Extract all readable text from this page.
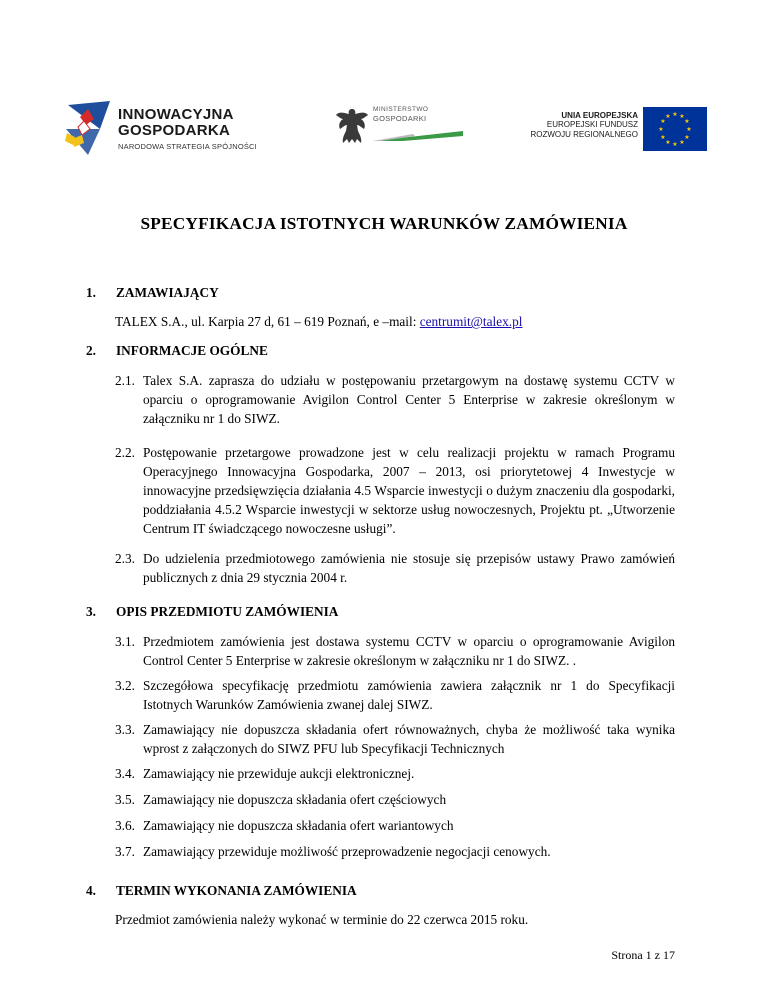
INNOWACYJNA
GOSPODARKA
NARODOWA STRATEGIA SPÓJNOŚCI
MINISTERSTWO
GOSPODARKI	UNIA EUROPEJSKA
EUROPEJSKI FUNDUSZ
ROZWOJU REGIONALNEGO
★ ★
★
★
★
★
★
★
★
★
★
★
SPECYFIKACJA ISTOTNYCH WARUNKÓW ZAMÓWIENIA
1. ZAMAWIAJĄCY
TALEX S.A., ul. Karpia 27 d, 61 – 619 Poznań, e –mail: centrumit@talex.pl
2. INFORMACJE OGÓLNE
2.1. Talex S.A. zaprasza do udziału w postępowaniu przetargowym na dostawę systemu CCTV w oparciu o oprogramowanie Avigilon Control Center 5 Enterprise w zakresie określonym w załączniku nr 1 do SIWZ.
2.2. Postępowanie przetargowe prowadzone jest w celu realizacji projektu w ramach Programu Operacyjnego Innowacyjna Gospodarka, 2007 – 2013, osi priorytetowej 4 Inwestycje w innowacyjne przedsięwzięcia działania 4.5 Wsparcie inwestycji o dużym znaczeniu dla gospodarki, poddziałania 4.5.2 Wsparcie inwestycji w sektorze usług nowoczesnych, Projektu pt. „Utworzenie Centrum IT świadczącego nowoczesne usługi”.
2.3. Do udzielenia przedmiotowego zamówienia nie stosuje się przepisów ustawy Prawo zamówień publicznych z dnia 29 stycznia 2004 r.
3. OPIS PRZEDMIOTU ZAMÓWIENIA
3.1. Przedmiotem zamówienia jest dostawa systemu CCTV w oparciu o oprogramowanie Avigilon Control Center 5 Enterprise w zakresie określonym w załączniku nr 1 do SIWZ. .
3.2. Szczegółowa specyfikację przedmiotu zamówienia zawiera załącznik nr 1 do Specyfikacji Istotnych Warunków Zamówienia zwanej dalej SIWZ.
3.3. Zamawiający nie dopuszcza składania ofert równoważnych, chyba że możliwość taka wynika wprost z załączonych do SIWZ PFU lub Specyfikacji Technicznych
3.4. Zamawiający nie przewiduje aukcji elektronicznej.
3.5. Zamawiający nie dopuszcza składania ofert częściowych
3.6. Zamawiający nie dopuszcza składania ofert wariantowych
3.7. Zamawiający przewiduje możliwość przeprowadzenie negocjacji cenowych.
4. TERMIN WYKONANIA ZAMÓWIENIA
Przedmiot zamówienia należy wykonać w terminie do 22 czerwca 2015 roku.
Strona 1 z 17
